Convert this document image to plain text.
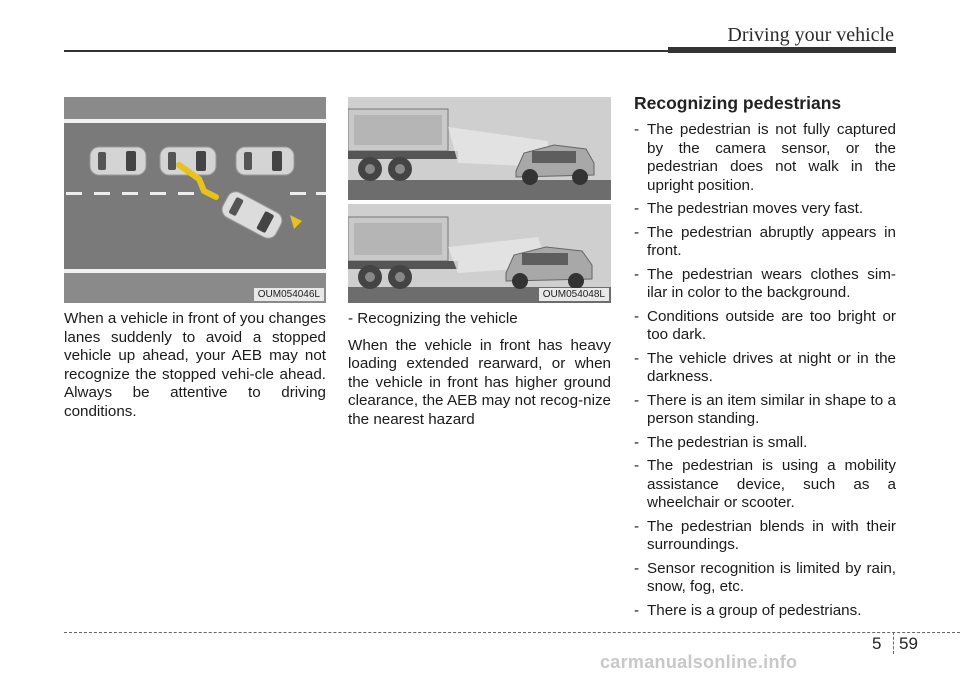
Driving your vehicle
OUM054046L	OUM054048L

When a vehicle in front of you changes lanes suddenly to avoid a stopped vehicle up ahead, your AEB may not recognize the stopped vehi-cle ahead. Always be attentive to driving conditions.

- Recognizing the vehicle

When the vehicle in front has heavy loading extended rearward, or when the vehicle in front has higher ground clearance, the AEB may not recog-nize the nearest hazard

Recognizing pedestrians
- The pedestrian is not fully captured by the camera sensor, or the pedestrian does not walk in the upright position.
- The pedestrian moves very fast.
- The pedestrian abruptly appears in front.
- The pedestrian wears clothes sim-ilar in color to the background.
- Conditions outside are too bright or too dark.
- The vehicle drives at night or in the darkness.
- There is an item similar in shape to a person standing.
- The pedestrian is small.
- The pedestrian is using a mobility assistance device, such as a wheelchair or scooter.
- The pedestrian blends in with their surroundings.
- Sensor recognition is limited by rain, snow, fog, etc.
- There is a group of pedestrians.
5 59
carmanualsonline.info
